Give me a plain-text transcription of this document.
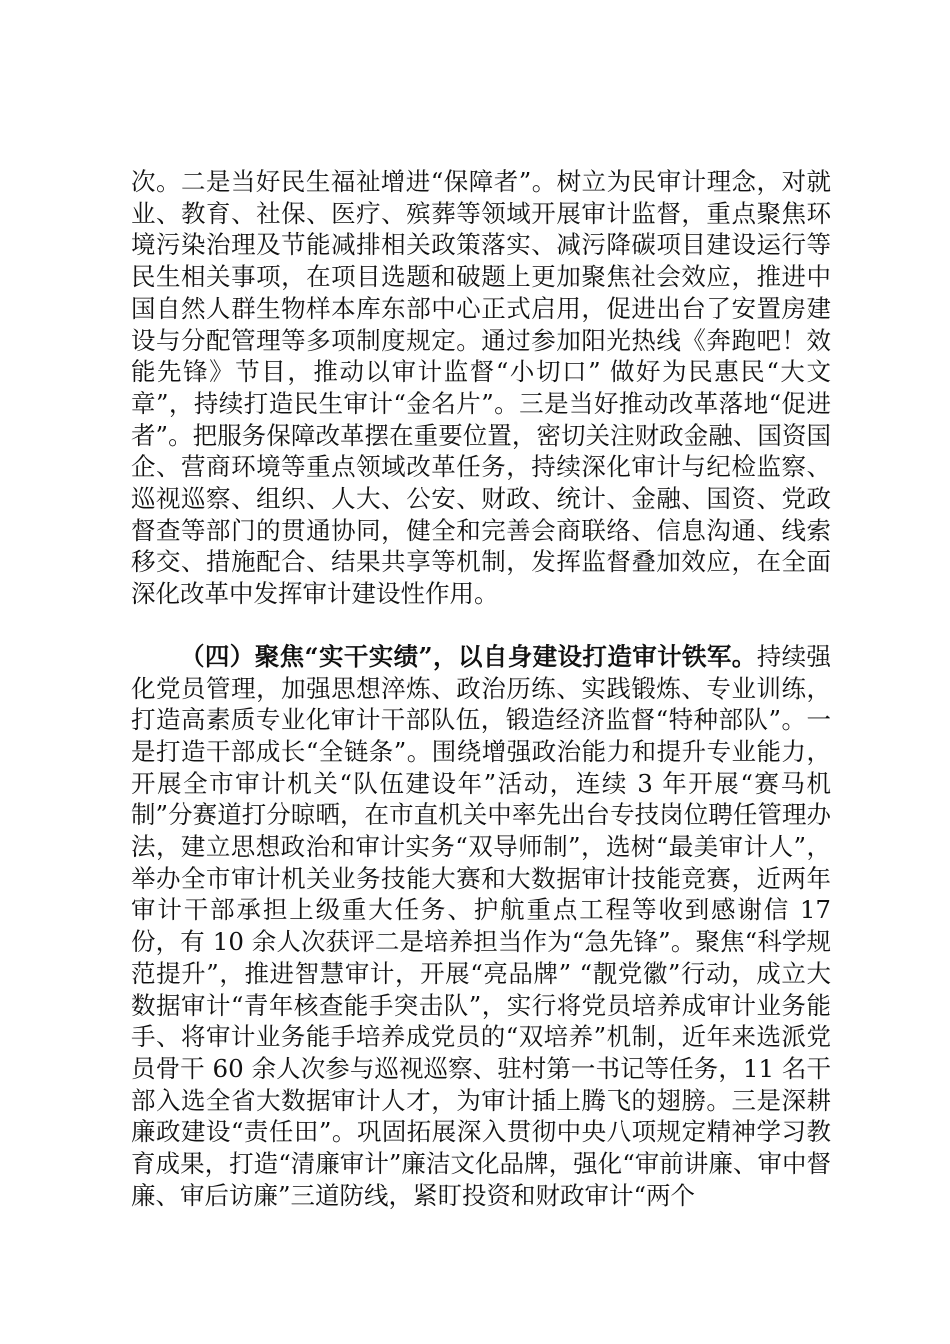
次。二是当好民生福祉增进“保障者”。树立为民审计理念，对就业、教育、社保、医疗、殡葬等领域开展审计监督，重点聚焦环境污染治理及节能减排相关政策落实、减污降碳项目建设运行等民生相关事项，在项目选题和破题上更加聚焦社会效应，推进中国自然人群生物样本库东部中心正式启用，促进出台了安置房建设与分配管理等多项制度规定。通过参加阳光热线《奔跑吧！效能先锋》节目，推动以审计监督“小切口” 做好为民惠民“大文章”，持续打造民生审计“金名片”。三是当好推动改革落地“促进者”。把服务保障改革摆在重要位置，密切关注财政金融、国资国企、营商环境等重点领域改革任务，持续深化审计与纪检监察、巡视巡察、组织、人大、公安、财政、统计、金融、国资、党政督查等部门的贯通协同，健全和完善会商联络、信息沟通、线索移交、措施配合、结果共享等机制，发挥监督叠加效应，在全面深化改革中发挥审计建设性作用。

（四）聚焦“实干实绩”，以自身建设打造审计铁军。持续强化党员管理，加强思想淬炼、政治历练、实践锻炼、专业训练，打造高素质专业化审计干部队伍，锻造经济监督“特种部队”。一是打造干部成长“全链条”。围绕增强政治能力和提升专业能力，开展全市审计机关“队伍建设年”活动，连续 3 年开展“赛马机制”分赛道打分晾晒，在市直机关中率先出台专技岗位聘任管理办法，建立思想政治和审计实务“双导师制”，选树“最美审计人”，举办全市审计机关业务技能大赛和大数据审计技能竞赛，近两年审计干部承担上级重大任务、护航重点工程等收到感谢信 17 份，有 10 余人次获评二是培养担当作为“急先锋”。聚焦“科学规范提升”，推进智慧审计，开展“亮品牌” “靓党徽”行动，成立大数据审计“青年核查能手突击队”，实行将党员培养成审计业务能手、将审计业务能手培养成党员的“双培养”机制，近年来选派党员骨干 60 余人次参与巡视巡察、驻村第一书记等任务，11 名干部入选全省大数据审计人才，为审计插上腾飞的翅膀。三是深耕廉政建设“责任田”。巩固拓展深入贯彻中央八项规定精神学习教育成果，打造“清廉审计”廉洁文化品牌，强化“审前讲廉、审中督廉、审后访廉”三道防线，紧盯投资和财政审计“两个
